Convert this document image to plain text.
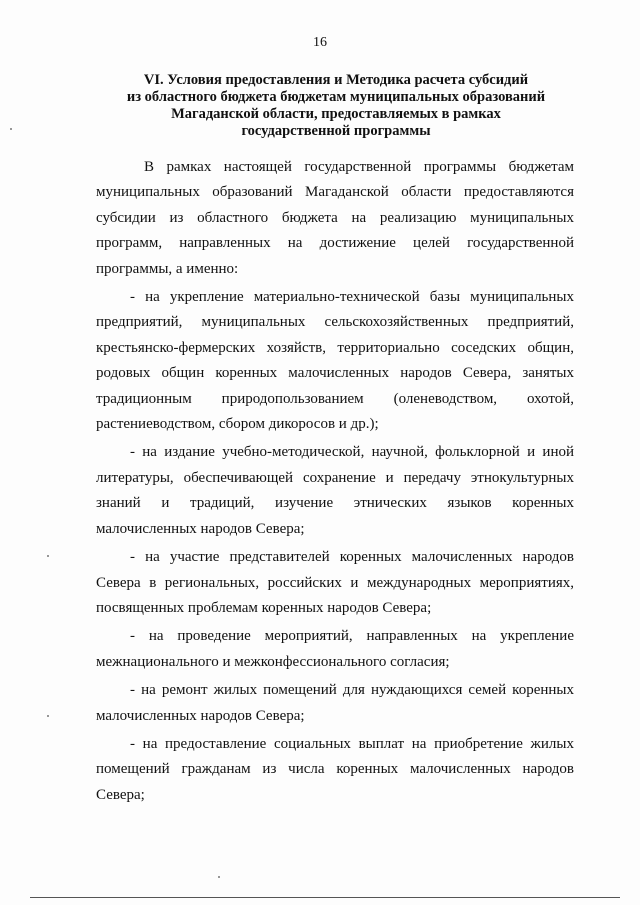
16
VI. Условия предоставления и Методика расчета субсидий
из областного бюджета бюджетам муниципальных образований
Магаданской области, предоставляемых в рамках
государственной программы

В рамках настоящей государственной программы бюджетам муниципальных образований Магаданской области предоставляются субсидии из областного бюджета на реализацию муниципальных программ, направленных на достижение целей государственной программы, а именно:

- на укрепление материально-технической базы муниципальных предприятий, муниципальных сельскохозяйственных предприятий, крестьянско-фермерских хозяйств, территориально соседских общин, родовых общин коренных малочисленных народов Севера, занятых традиционным природопользованием (оленеводством, охотой, растениеводством, сбором дикоросов и др.);

- на издание учебно-методической, научной, фольклорной и иной литературы, обеспечивающей сохранение и передачу этнокультурных знаний и традиций, изучение этнических языков коренных малочисленных народов Севера;

- на участие представителей коренных малочисленных народов Севера в региональных, российских и международных мероприятиях, посвященных проблемам коренных народов Севера;

- на проведение мероприятий, направленных на укрепление межнационального и межконфессионального согласия;

- на ремонт жилых помещений для нуждающихся семей коренных малочисленных народов Севера;

- на предоставление социальных выплат на приобретение жилых помещений гражданам из числа коренных малочисленных народов Севера;
